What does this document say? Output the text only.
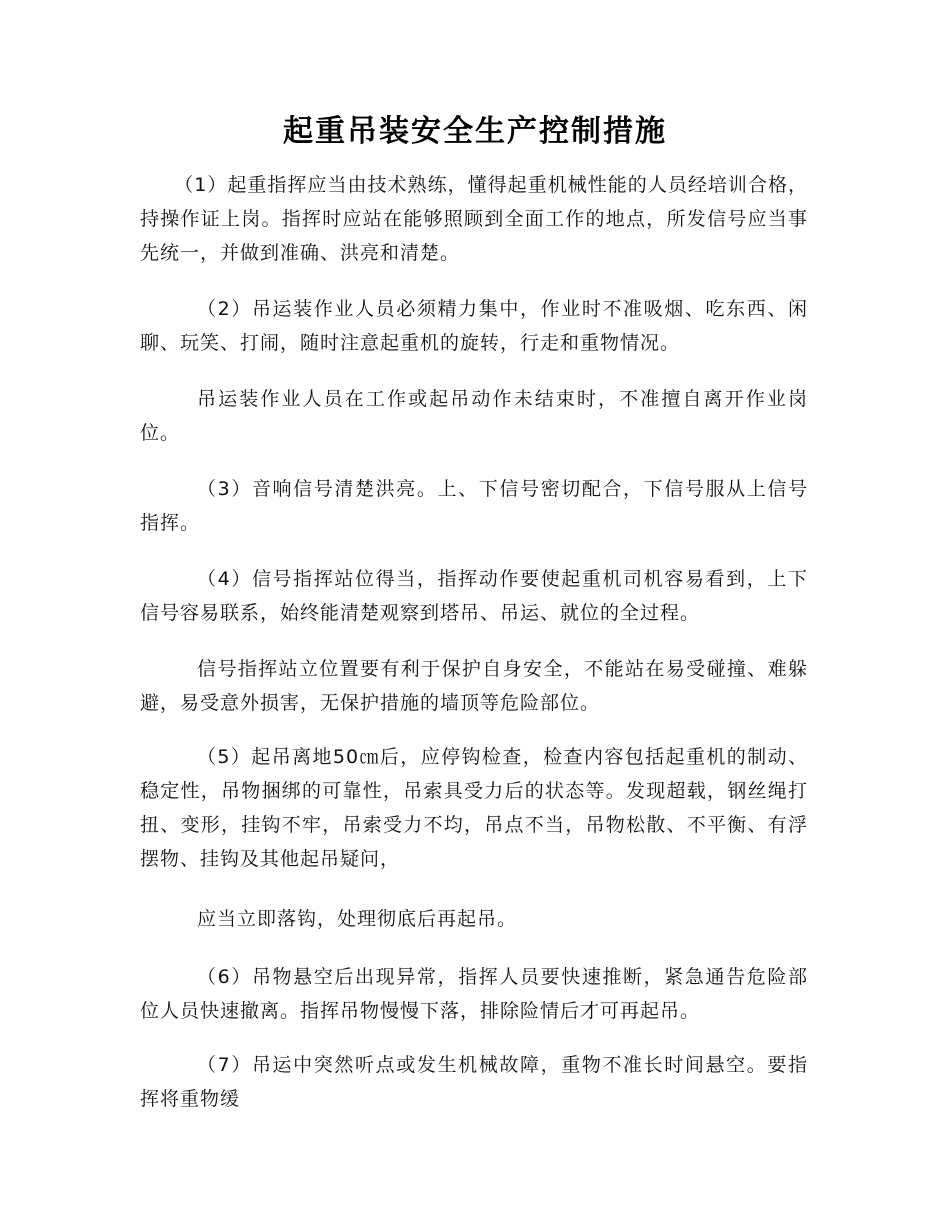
起重吊装安全生产控制措施

（1）起重指挥应当由技术熟练，懂得起重机械性能的人员经培训合格，持操作证上岗。指挥时应站在能够照顾到全面工作的地点，所发信号应当事先统一，并做到准确、洪亮和清楚。

（2）吊运装作业人员必须精力集中，作业时不准吸烟、吃东西、闲聊、玩笑、打闹，随时注意起重机的旋转，行走和重物情况。

吊运装作业人员在工作或起吊动作未结束时，不准擅自离开作业岗位。

（3）音响信号清楚洪亮。上、下信号密切配合，下信号服从上信号指挥。

（4）信号指挥站位得当，指挥动作要使起重机司机容易看到，上下信号容易联系，始终能清楚观察到塔吊、吊运、就位的全过程。

信号指挥站立位置要有利于保护自身安全，不能站在易受碰撞、难躲避，易受意外损害，无保护措施的墙顶等危险部位。

（5）起吊离地50㎝后，应停钩检查，检查内容包括起重机的制动、稳定性，吊物捆绑的可靠性，吊索具受力后的状态等。发现超载，钢丝绳打扭、变形，挂钩不牢，吊索受力不均，吊点不当，吊物松散、不平衡、有浮摆物、挂钩及其他起吊疑问，

应当立即落钩，处理彻底后再起吊。

（6）吊物悬空后出现异常，指挥人员要快速推断，紧急通告危险部位人员快速撤离。指挥吊物慢慢下落，排除险情后才可再起吊。

（7）吊运中突然听点或发生机械故障，重物不准长时间悬空。要指挥将重物缓
